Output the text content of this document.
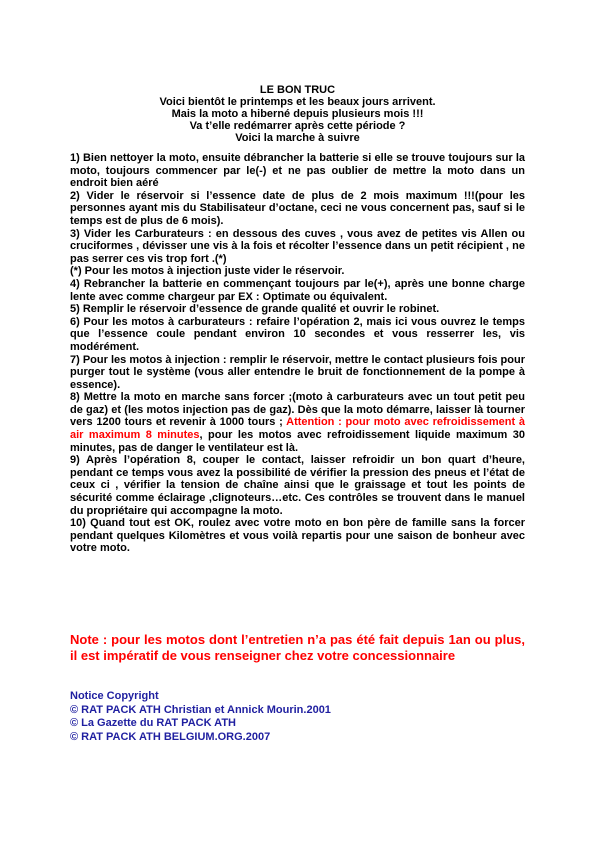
LE BON TRUC
Voici bientôt le printemps et les beaux jours arrivent.
Mais la moto a hiberné depuis plusieurs mois !!!
Va t’elle redémarrer après cette période ?
Voici la marche à suivre

1) Bien nettoyer la moto, ensuite débrancher la batterie si elle se trouve toujours sur la moto, toujours commencer par le(-) et ne pas oublier de mettre la moto dans un endroit bien aéré

2) Vider le réservoir si l’essence date de plus de 2 mois maximum !!!(pour les personnes ayant mis du Stabilisateur d’octane, ceci ne vous concernent pas, sauf si le temps est de plus de 6 mois).

3) Vider les Carburateurs : en dessous des cuves , vous avez de petites vis Allen ou cruciformes , dévisser une vis à la fois et récolter l’essence dans un petit récipient , ne pas serrer ces vis trop fort .(*)

(*) Pour les motos à injection juste vider le réservoir.

4) Rebrancher la batterie en commençant toujours par le(+), après une bonne charge lente avec comme chargeur par EX : Optimate ou équivalent.

5) Remplir le réservoir d’essence de grande qualité et ouvrir le robinet.

6) Pour les motos à carburateurs : refaire l’opération 2, mais ici vous ouvrez le temps que l’essence coule pendant environ 10 secondes et vous resserrer les, vis modérément.

7) Pour les motos à injection : remplir le réservoir, mettre le contact plusieurs fois pour purger tout le système (vous aller entendre le bruit de fonctionnement de la pompe à essence).

8) Mettre la moto en marche sans forcer ;(moto à carburateurs avec un tout petit peu de gaz) et (les motos injection pas de gaz). Dès que la moto démarre, laisser là tourner vers 1200 tours et revenir à 1000 tours ; Attention : pour moto avec refroidissement à air maximum 8 minutes, pour les motos avec refroidissement liquide maximum 30 minutes, pas de danger le ventilateur est là.

9) Après l’opération 8, couper le contact, laisser refroidir un bon quart d’heure, pendant ce temps vous avez la possibilité de vérifier la pression des pneus et l’état de ceux ci , vérifier la tension de chaîne ainsi que le graissage et tout les points de sécurité comme éclairage ,clignoteurs…etc. Ces contrôles se trouvent dans le manuel du propriétaire qui accompagne la moto.

10) Quand tout est OK, roulez avec votre moto en bon père de famille sans la forcer pendant quelques Kilomètres et vous voilà repartis pour une saison de bonheur avec votre moto.

Note : pour les motos dont l’entretien n’a pas été fait depuis 1an ou plus, il est impératif de vous renseigner chez votre concessionnaire
Notice Copyright
© RAT PACK ATH Christian et Annick Mourin.2001
© La Gazette du RAT PACK ATH
© RAT PACK ATH BELGIUM.ORG.2007
